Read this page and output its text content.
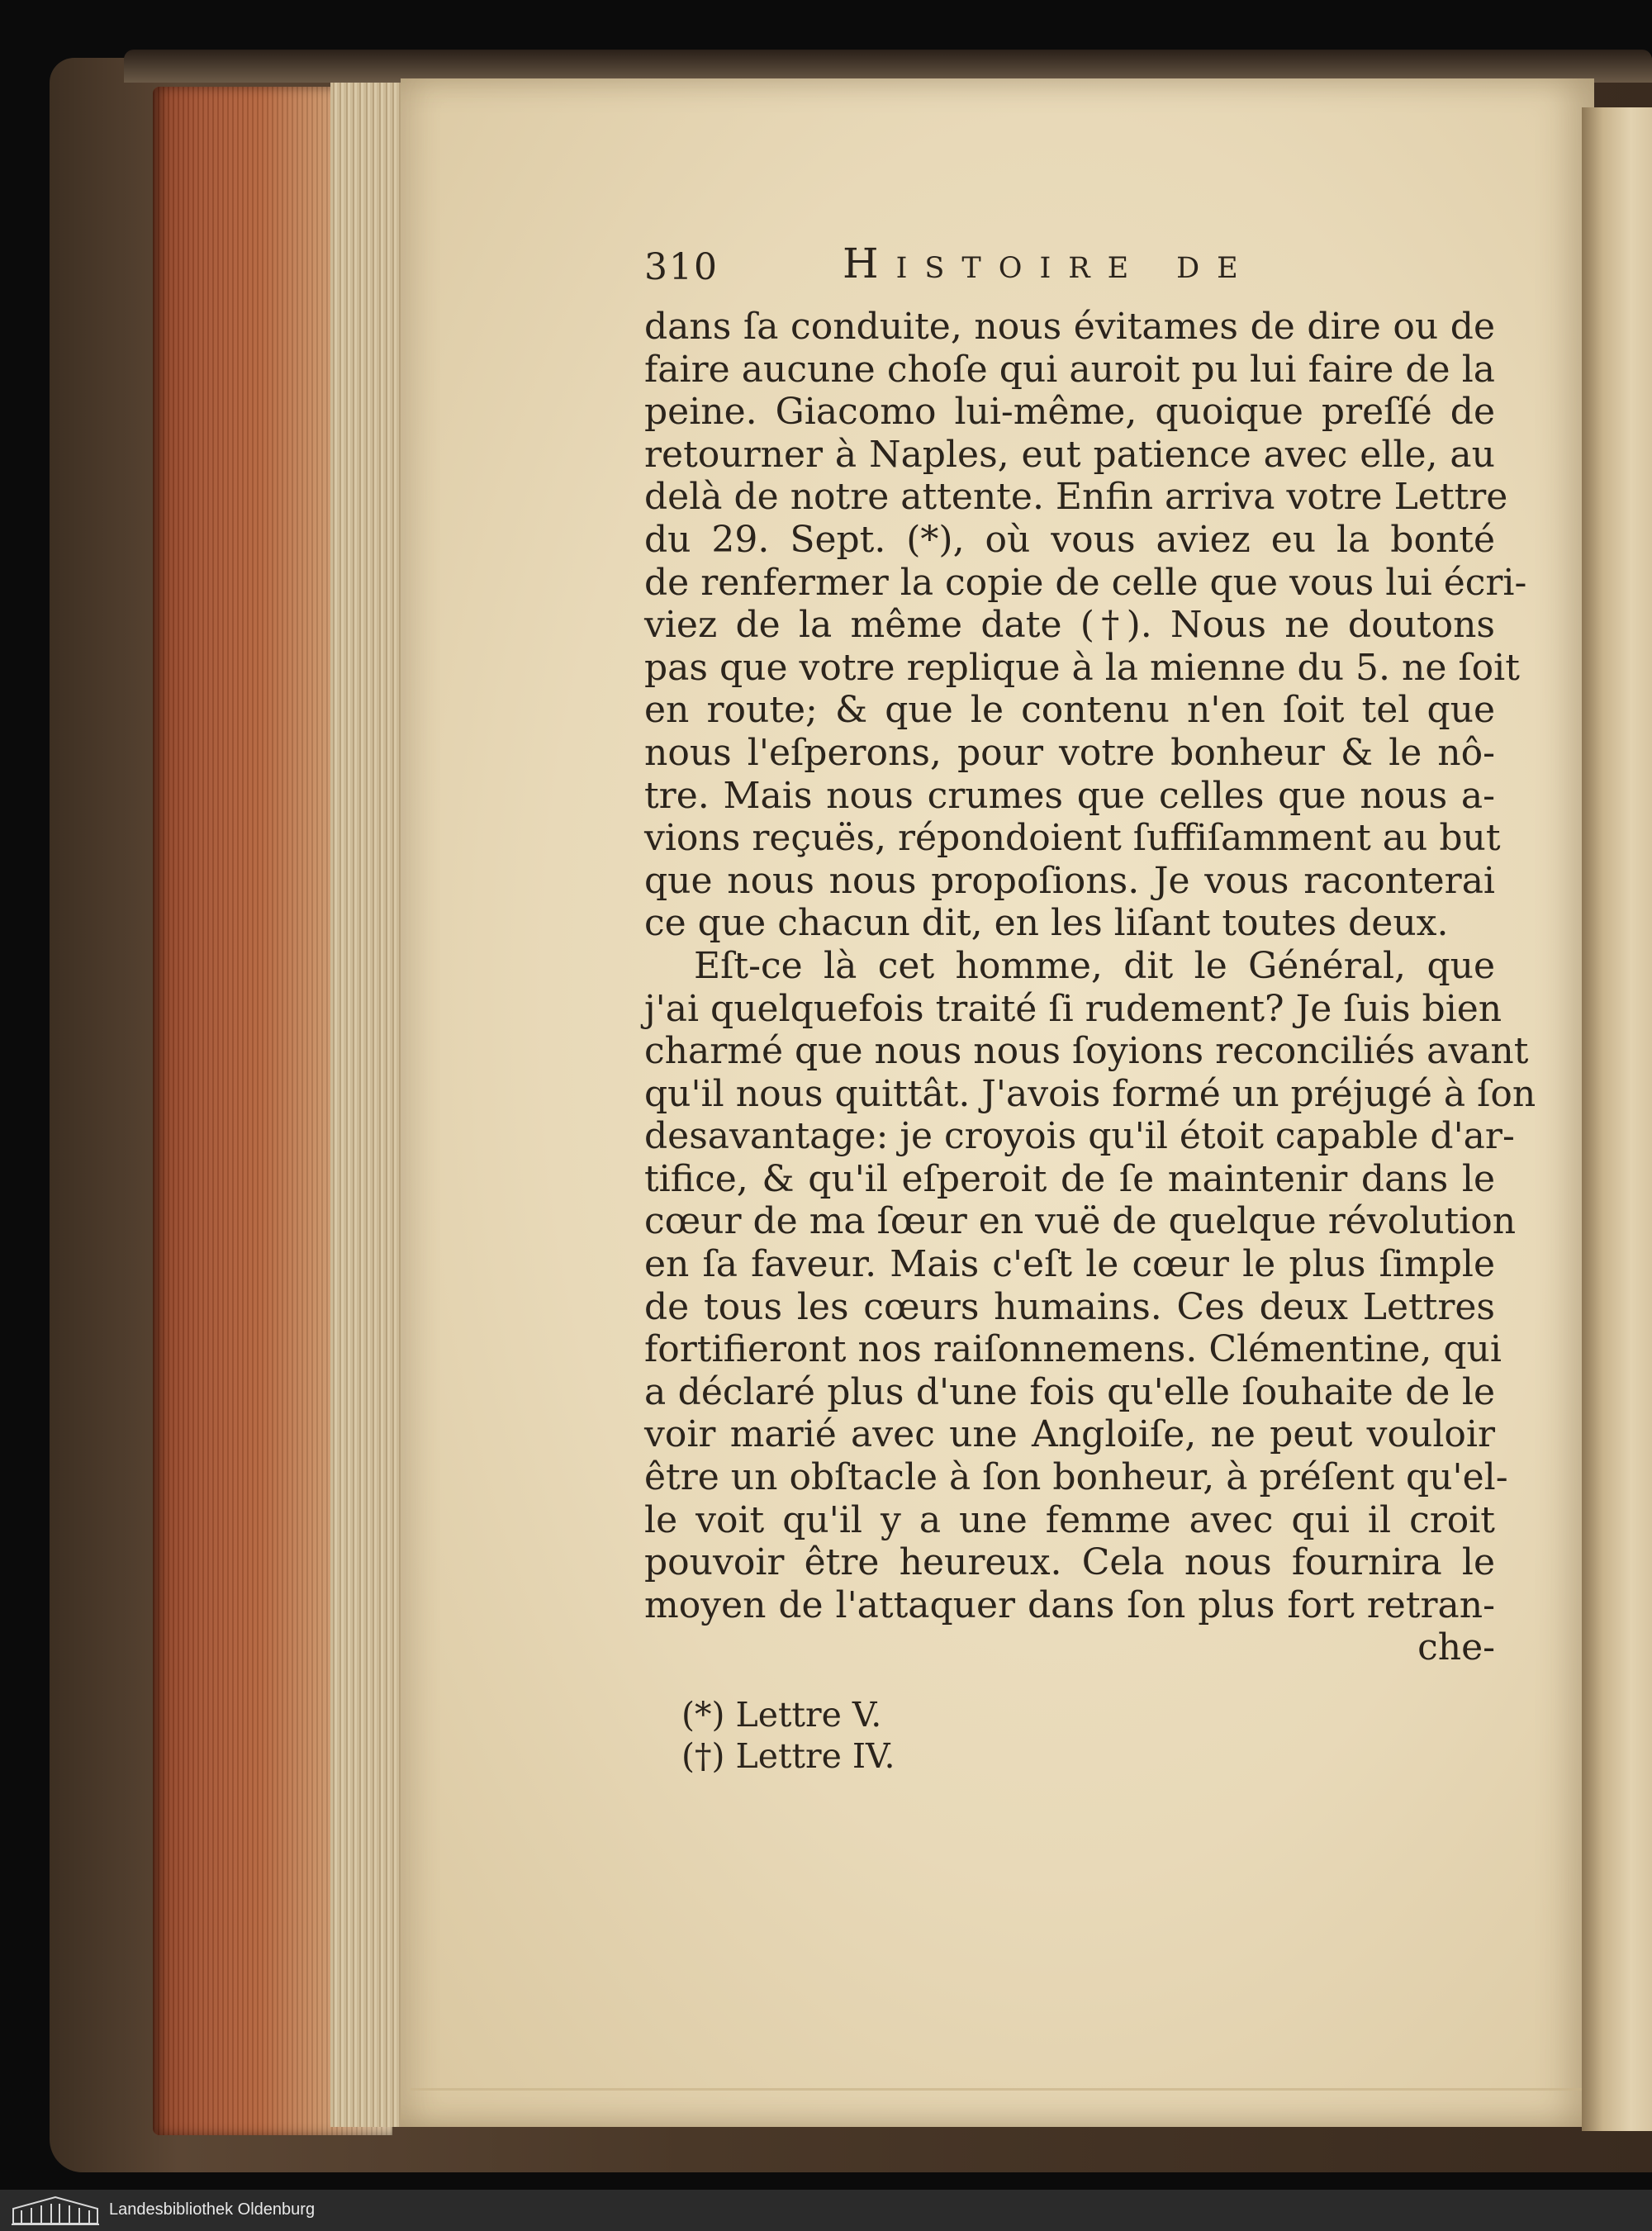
310	Histoire de
dans ſa conduite, nous évitames de dire ou de
faire aucune choſe qui auroit pu lui faire de la
peine. Giacomo lui-même, quoique preſſé de
retourner à Naples, eut patience avec elle, au
delà de notre attente. Enfin arriva votre Lettre
du 29. Sept. (*), où vous aviez eu la bonté
de renfermer la copie de celle que vous lui écri-
viez de la même date (†). Nous ne doutons
pas que votre replique à la mienne du 5. ne ſoit
en route; & que le contenu n'en ſoit tel que
nous l'eſperons, pour votre bonheur & le nô-
tre. Mais nous crumes que celles que nous a-
vions reçuës, répondoient ſuffiſamment au but
que nous nous propoſions. Je vous raconterai
ce que chacun dit, en les liſant toutes deux.
Eſt-ce là cet homme, dit le Général, que
j'ai quelquefois traité ſi rudement? Je ſuis bien
charmé que nous nous ſoyions reconciliés avant
qu'il nous quittât. J'avois formé un préjugé à ſon
desavantage: je croyois qu'il étoit capable d'ar-
tifice, & qu'il eſperoit de ſe maintenir dans le
cœur de ma ſœur en vuë de quelque révolution
en ſa faveur. Mais c'eſt le cœur le plus ſimple
de tous les cœurs humains. Ces deux Lettres
fortifieront nos raiſonnemens. Clémentine, qui
a déclaré plus d'une fois qu'elle ſouhaite de le
voir marié avec une Angloiſe, ne peut vouloir
être un obſtacle à ſon bonheur, à préſent qu'el-
le voit qu'il y a une femme avec qui il croit
pouvoir être heureux. Cela nous fournira le
moyen de l'attaquer dans ſon plus fort retran-
che-
(*) Lettre V.
(†) Lettre IV.
Landesbibliothek Oldenburg
